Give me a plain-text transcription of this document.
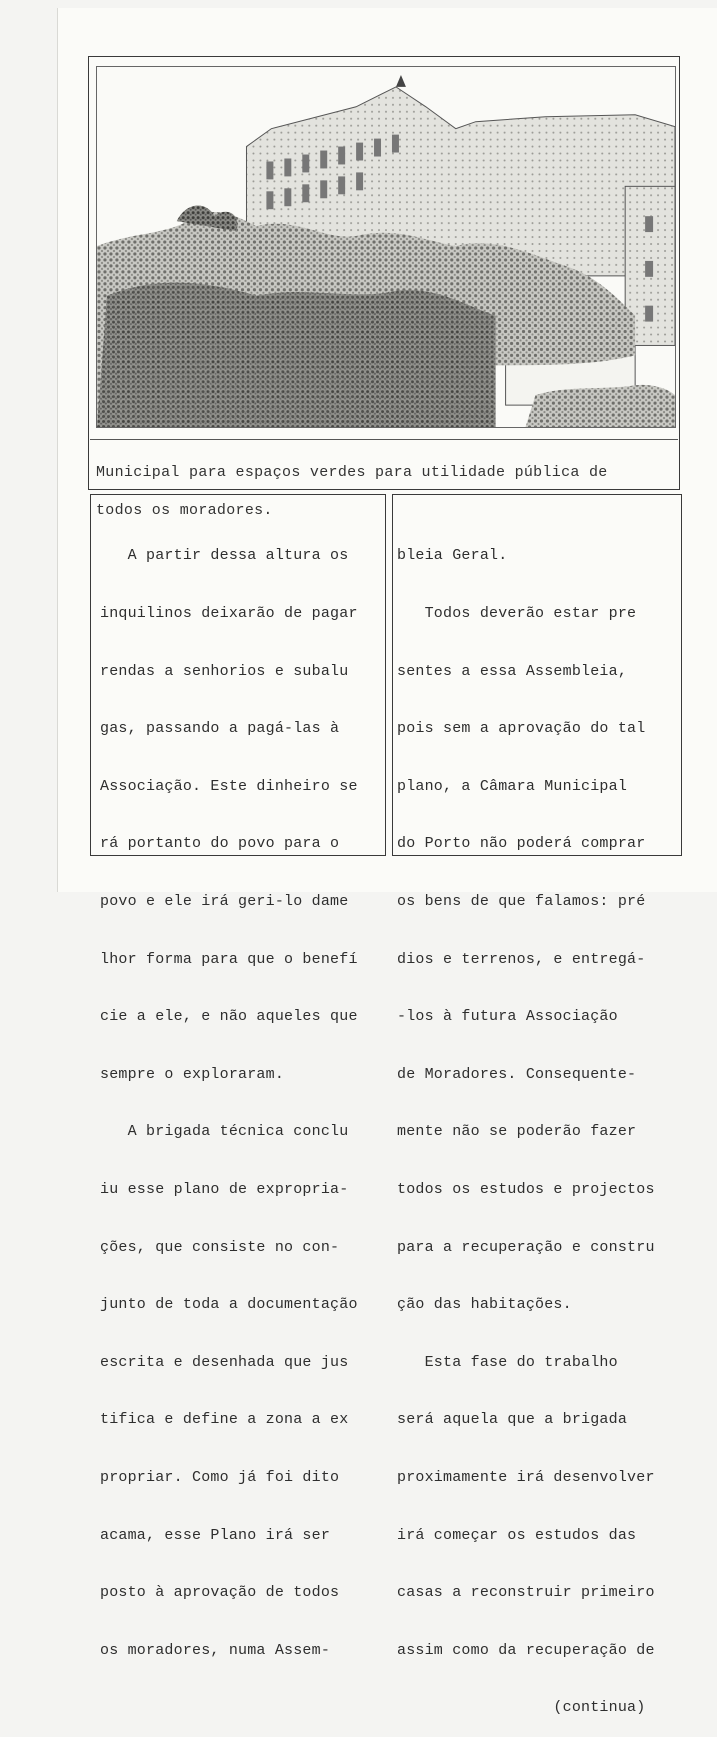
Municipal para espaços verdes para utilidade pública de

todos os moradores.

A partir dessa altura os

inquilinos deixarão de pagar

rendas a senhorios e subalu

gas, passando a pagá-las à

Associação. Este dinheiro se

rá portanto do povo para o

povo e ele irá geri-lo dame

lhor forma para que o benefí

cie a ele, e não aqueles que

sempre o exploraram.

A brigada técnica conclu

iu esse plano de expropria-

ções, que consiste no con-

junto de toda a documentação

escrita e desenhada que jus

tifica e define a zona a ex

propriar. Como já foi dito

acama, esse Plano irá ser

posto à aprovação de todos

os moradores, numa Assem-

bleia Geral.

Todos deverão estar pre

sentes a essa Assembleia,

pois sem a aprovação do tal

plano, a Câmara Municipal

do Porto não poderá comprar

os bens de que falamos: pré

dios e terrenos, e entregá-

-los à futura Associação

de Moradores. Consequente-

mente não se poderão fazer

todos os estudos e projectos

para a recuperação e constru

ção das habitações.

Esta fase do trabalho

será aquela que a brigada

proximamente irá desenvolver

irá começar os estudos das

casas a reconstruir primeiro

assim como da recuperação de

(continua)
